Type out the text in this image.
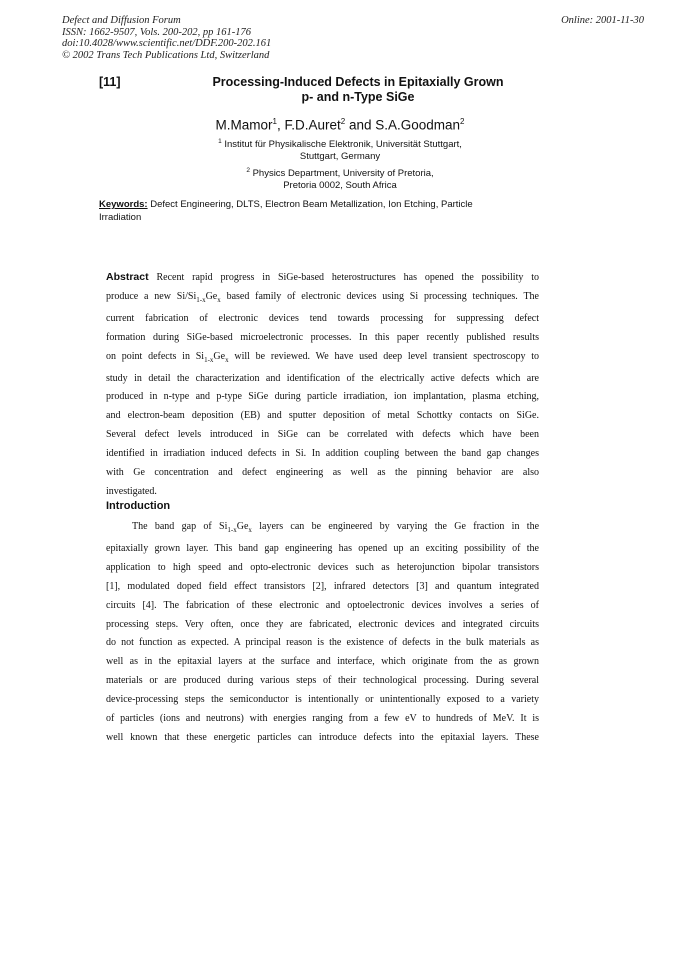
Defect and Diffusion Forum
ISSN: 1662-9507, Vols. 200-202, pp 161-176
doi:10.4028/www.scientific.net/DDF.200-202.161
© 2002 Trans Tech Publications Ltd, Switzerland
Online: 2001-11-30
[11]	Processing-Induced Defects in Epitaxially Grown
p- and n-Type SiGe
M.Mamor$^1$, F.D.Auret$^2$ and S.A.Goodman$^2$
$^1$ Institut für Physikalische Elektronik, Universität Stuttgart,
Stuttgart, Germany
$^2$ Physics Department, University of Pretoria,
Pretoria 0002, South Africa
Keywords: Defect Engineering, DLTS, Electron Beam Metallization, Ion Etching, Particle
Irradiation
Abstract Recent rapid progress in SiGe-based heterostructures has opened the possibility to
produce a new $Si/Si_{1-x}Ge_x$ based family of electronic devices using Si processing techniques. The
current fabrication of electronic devices tend towards processing for suppressing defect
formation during SiGe-based microelectronic processes. In this paper recently published results
on point defects in $Si_{1-x}Ge_x$ will be reviewed. We have used deep level transient spectroscopy to
study in detail the characterization and identification of the electrically active defects which are
produced in n-type and p-type SiGe during particle irradiation, ion implantation, plasma etching,
and electron-beam deposition (EB) and sputter deposition of metal Schottky contacts on SiGe.
Several defect levels introduced in SiGe can be correlated with defects which have been
identified in irradiation induced defects in Si. In addition coupling between the band gap changes
with Ge concentration and defect engineering as well as the pinning behavior are also
investigated.
Introduction
The band gap of $Si_{1-x}Ge_x$ layers can be engineered by varying the Ge fraction in the
epitaxially grown layer. This band gap engineering has opened up an exciting possibility of the
application to high speed and opto-electronic devices such as heterojunction bipolar transistors
[1], modulated doped field effect transistors [2], infrared detectors [3] and quantum integrated
circuits [4]. The fabrication of these electronic and optoelectronic devices involves a series of
processing steps. Very often, once they are fabricated, electronic devices and integrated circuits
do not function as expected. A principal reason is the existence of defects in the bulk materials as
well as in the epitaxial layers at the surface and interface, which originate from the as grown
materials or are produced during various steps of their technological processing. During several
device-processing steps the semiconductor is intentionally or unintentionally exposed to a variety
of particles (ions and neutrons) with energies ranging from a few eV to hundreds of MeV. It is
well known that these energetic particles can introduce defects into the epitaxial layers. These
